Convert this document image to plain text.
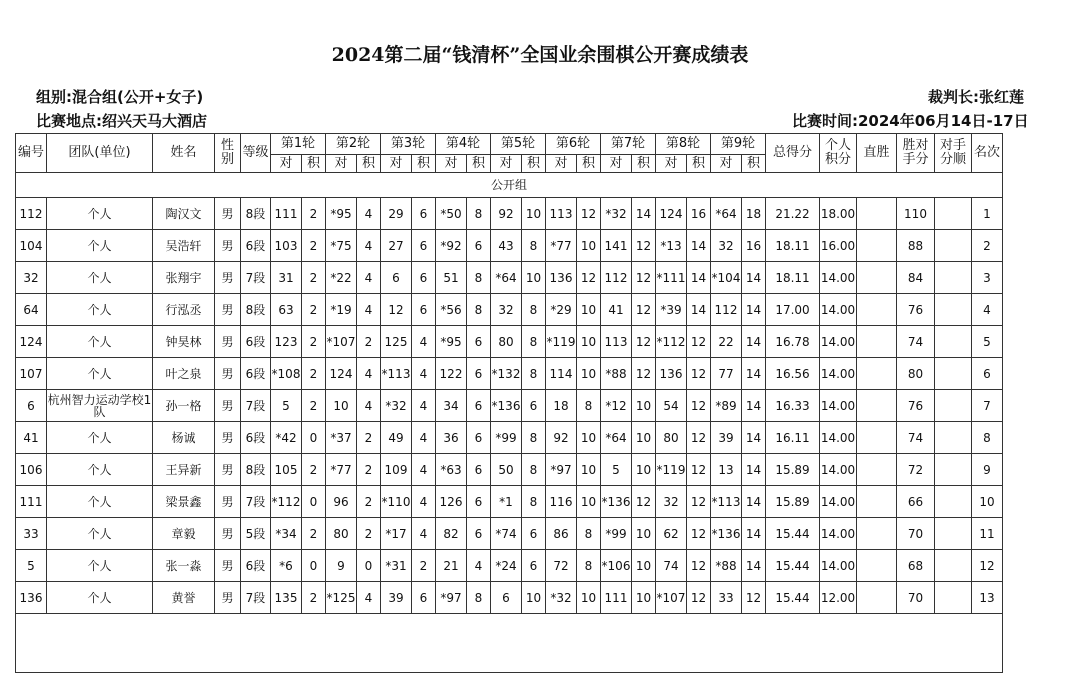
2024第二届“钱清杯”全国业余围棋公开赛成绩表
组别:混合组(公开+女子)
比赛地点:绍兴天马大酒店
裁判长:张红莲
比赛时间:2024年06月14日-17日
编号	团队(单位)	姓名	性别	等级	第1轮		第2轮		第3轮		第4轮		第5轮		第6轮		第7轮		第8轮		第9轮		总得分	个人积分	直胜	胜对手分	对手分顺	名次
					对	积	对	积	对	积	对	积	对	积	对	积	对	积	对	积	对	积						
公开组																												
112	个人	陶汉文	男	8段	111	2	*95	4	29	6	*50	8	92	10	113	12	*32	14	124	16	*64	18	21.22	18.00		110		1
104	个人	吴浩轩	男	6段	103	2	*75	4	27	6	*92	6	43	8	*77	10	141	12	*13	14	32	16	18.11	16.00		88		2
32	个人	张翔宇	男	7段	31	2	*22	4	6	6	51	8	*64	10	136	12	112	12	*111	14	*104	14	18.11	14.00		84		3
64	个人	行泓丞	男	8段	63	2	*19	4	12	6	*56	8	32	8	*29	10	41	12	*39	14	112	14	17.00	14.00		76		4
124	个人	钟昊林	男	6段	123	2	*107	2	125	4	*95	6	80	8	*119	10	113	12	*112	12	22	14	16.78	14.00		74		5
107	个人	叶之泉	男	6段	*108	2	124	4	*113	4	122	6	*132	8	114	10	*88	12	136	12	77	14	16.56	14.00		80		6
6	杭州智力运动学校1队	孙一格	男	7段	5	2	10	4	*32	4	34	6	*136	6	18	8	*12	10	54	12	*89	14	16.33	14.00		76		7
41	个人	杨诚	男	6段	*42	0	*37	2	49	4	36	6	*99	8	92	10	*64	10	80	12	39	14	16.11	14.00		74		8
106	个人	王异新	男	8段	105	2	*77	2	109	4	*63	6	50	8	*97	10	5	10	*119	12	13	14	15.89	14.00		72		9
111	个人	梁景鑫	男	7段	*112	0	96	2	*110	4	126	6	*1	8	116	10	*136	12	32	12	*113	14	15.89	14.00		66		10
33	个人	章毅	男	5段	*34	2	80	2	*17	4	82	6	*74	6	86	8	*99	10	62	12	*136	14	15.44	14.00		70		11
5	个人	张一淼	男	6段	*6	0	9	0	*31	2	21	4	*24	6	72	8	*106	10	74	12	*88	14	15.44	14.00		68		12
136	个人	黄誉	男	7段	135	2	*125	4	39	6	*97	8	6	10	*32	10	111	10	*107	12	33	12	15.44	12.00		70		13
